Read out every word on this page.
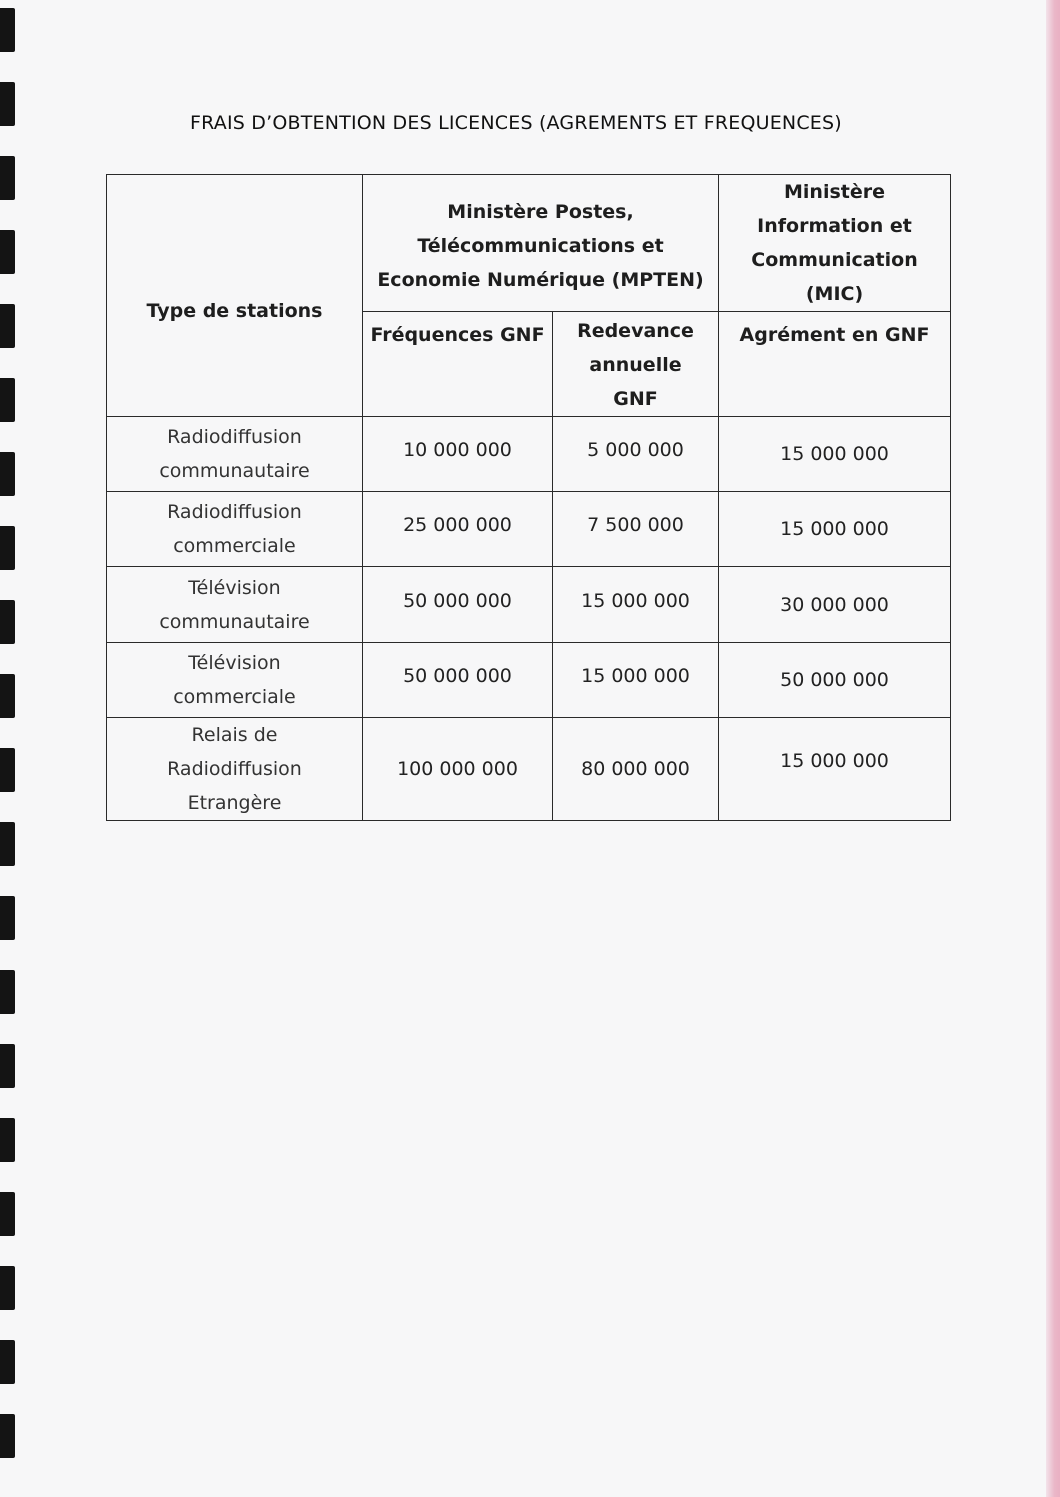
FRAIS D’OBTENTION DES LICENCES (AGREMENTS ET FREQUENCES)
Type de stations	Ministère Postes, Télécommunications et Economie Numérique (MPTEN)		Ministère Information et Communication (MIC)
	Fréquences GNF	Redevance annuelle GNF	Agrément en GNF
Radiodiffusion communautaire	10 000 000	5 000 000	15 000 000
Radiodiffusion commerciale	25 000 000	7 500 000	15 000 000
Télévision communautaire	50 000 000	15 000 000	30 000 000
Télévision commerciale	50 000 000	15 000 000	50 000 000
Relais de Radiodiffusion Etrangère	100 000 000	80 000 000	15 000 000
